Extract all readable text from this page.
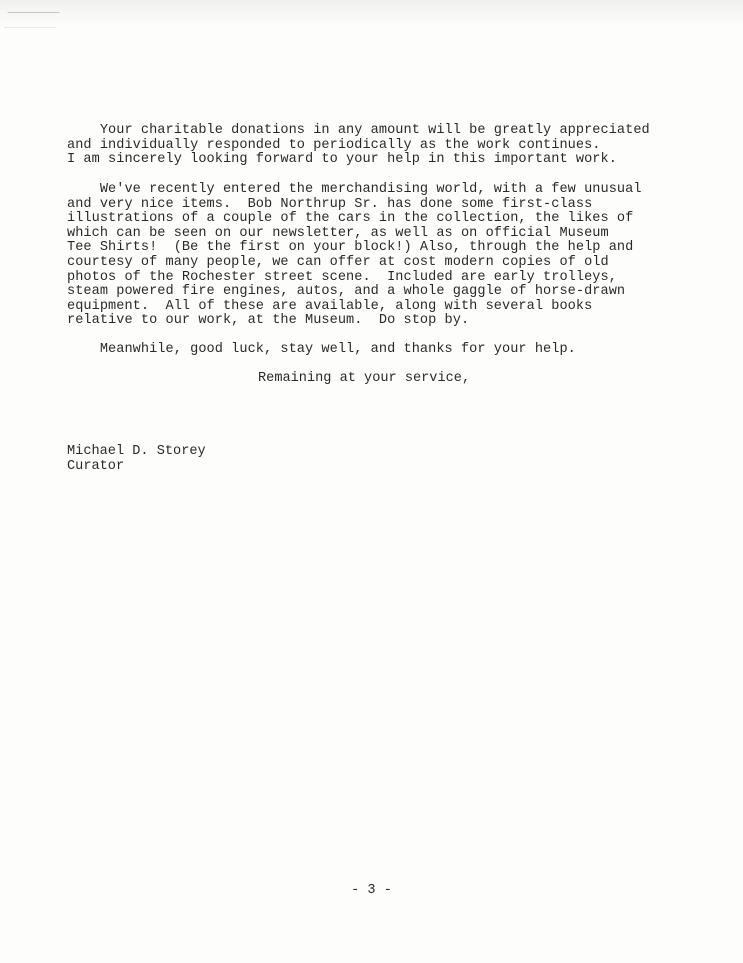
Your charitable donations in any amount will be greatly appreciated
and individually responded to periodically as the work continues.
I am sincerely looking forward to your help in this important work.

We've recently entered the merchandising world, with a few unusual
and very nice items.  Bob Northrup Sr. has done some first-class
illustrations of a couple of the cars in the collection, the likes of
which can be seen on our newsletter, as well as on official Museum
Tee Shirts!  (Be the first on your block!) Also, through the help and
courtesy of many people, we can offer at cost modern copies of old
photos of the Rochester street scene.  Included are early trolleys,
steam powered fire engines, autos, and a whole gaggle of horse-drawn
equipment.  All of these are available, along with several books
relative to our work, at the Museum.  Do stop by.

Meanwhile, good luck, stay well, and thanks for your help.

Remaining at your service,

Michael D. Storey

Curator

- 3 -
